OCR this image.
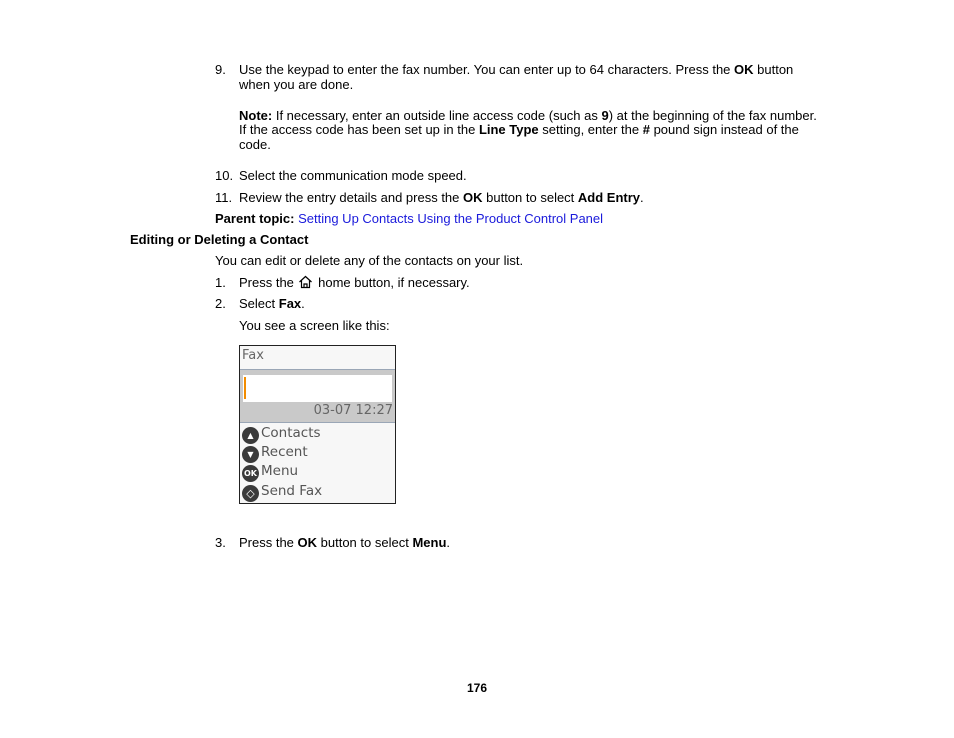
9. Use the keypad to enter the fax number. You can enter up to 64 characters. Press the OK button
when you are done.
Note: If necessary, enter an outside line access code (such as 9) at the beginning of the fax number.
If the access code has been set up in the Line Type setting, enter the # pound sign instead of the
code.
10. Select the communication mode speed.
11. Review the entry details and press the OK button to select Add Entry.
Parent topic: Setting Up Contacts Using the Product Control Panel
Editing or Deleting a Contact
You can edit or delete any of the contacts on your list.
1. Press the  home button, if necessary.
2. Select Fax.
You see a screen like this:
Fax
03-07 12:27
▲ Contacts
▼ Recent
OK Menu
◇ Send Fax
3. Press the OK button to select Menu.
176
